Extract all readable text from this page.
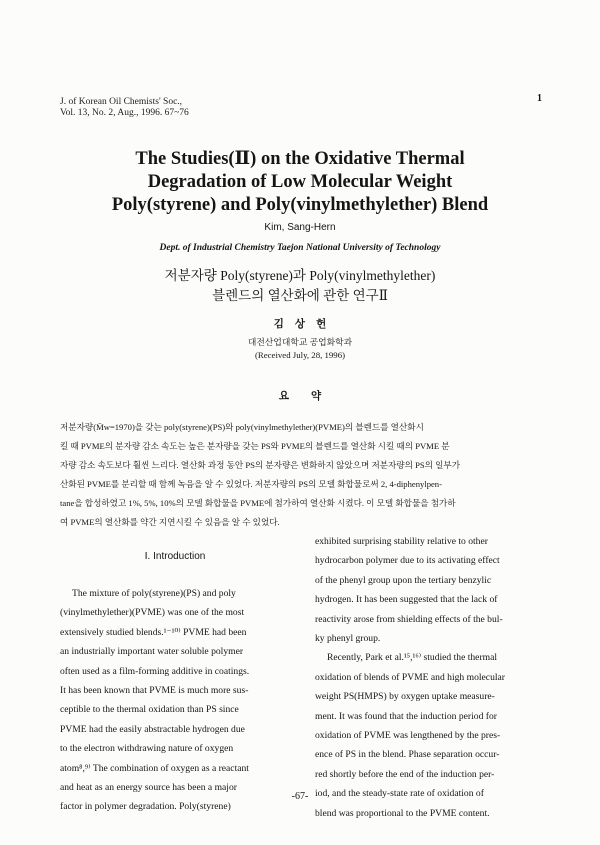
J. of Korean Oil Chemists' Soc.,
Vol. 13, No. 2, Aug., 1996. 67~76
1
The Studies(Ⅱ) on the Oxidative Thermal
Degradation of Low Molecular Weight
Poly(styrene) and Poly(vinylmethylether) Blend
Kim, Sang-Hern
Dept. of Industrial Chemistry Taejon National University of Technology
저분자량 Poly(styrene)과 Poly(vinylmethylether)
블렌드의 열산화에 관한 연구Ⅱ
김상헌
대전산업대학교 공업화학과
(Received July, 28, 1996)
요약
저분자량(M̄w=1970)을 갖는 poly(styrene)(PS)와 poly(vinylmethylether)(PVME)의 블렌드를 열산화시
킬 때 PVME의 분자량 감소 속도는 높은 분자량을 갖는 PS와 PVME의 블렌드를 열산화 시킬 때의 PVME 분
자량 감소 속도보다 훨씬 느리다. 열산화 과정 동안 PS의 분자량은 변화하지 않았으며 저분자량의 PS의 일부가
산화된 PVME를 분리할 때 함께 녹음을 알 수 있었다. 저분자량의 PS의 모델 화합물로써 2, 4-diphenylpen-
tane을 합성하였고 1%, 5%, 10%의 모델 화합물을 PVME에 첨가하여 열산화 시켰다. 이 모델 화합물을 첨가하
여 PVME의 열산화를 약간 지연시킬 수 있음을 알 수 있었다.
Ⅰ. Introduction
The mixture of poly(styrene)(PS) and poly
(vinylmethylether)(PVME) was one of the most
extensively studied blends.¹⁻¹⁰⁾ PVME had been
an industrially important water soluble polymer
often used as a film-forming additive in coatings.
It has been known that PVME is much more sus-
ceptible to the thermal oxidation than PS since
PVME had the easily abstractable hydrogen due
to the electron withdrawing nature of oxygen
atom⁸,⁹⁾ The combination of oxygen as a reactant
and heat as an energy source has been a major
factor in polymer degradation. Poly(styrene)
exhibited surprising stability relative to other
hydrocarbon polymer due to its activating effect
of the phenyl group upon the tertiary benzylic
hydrogen. It has been suggested that the lack of
reactivity arose from shielding effects of the bul-
ky phenyl group.
Recently, Park et al.¹⁵,¹⁶⁾ studied the thermal
oxidation of blends of PVME and high molecular
weight PS(HMPS) by oxygen uptake measure-
ment. It was found that the induction period for
oxidation of PVME was lengthened by the pres-
ence of PS in the blend. Phase separation occur-
red shortly before the end of the induction per-
iod, and the steady-state rate of oxidation of
blend was proportional to the PVME content.
-67-
